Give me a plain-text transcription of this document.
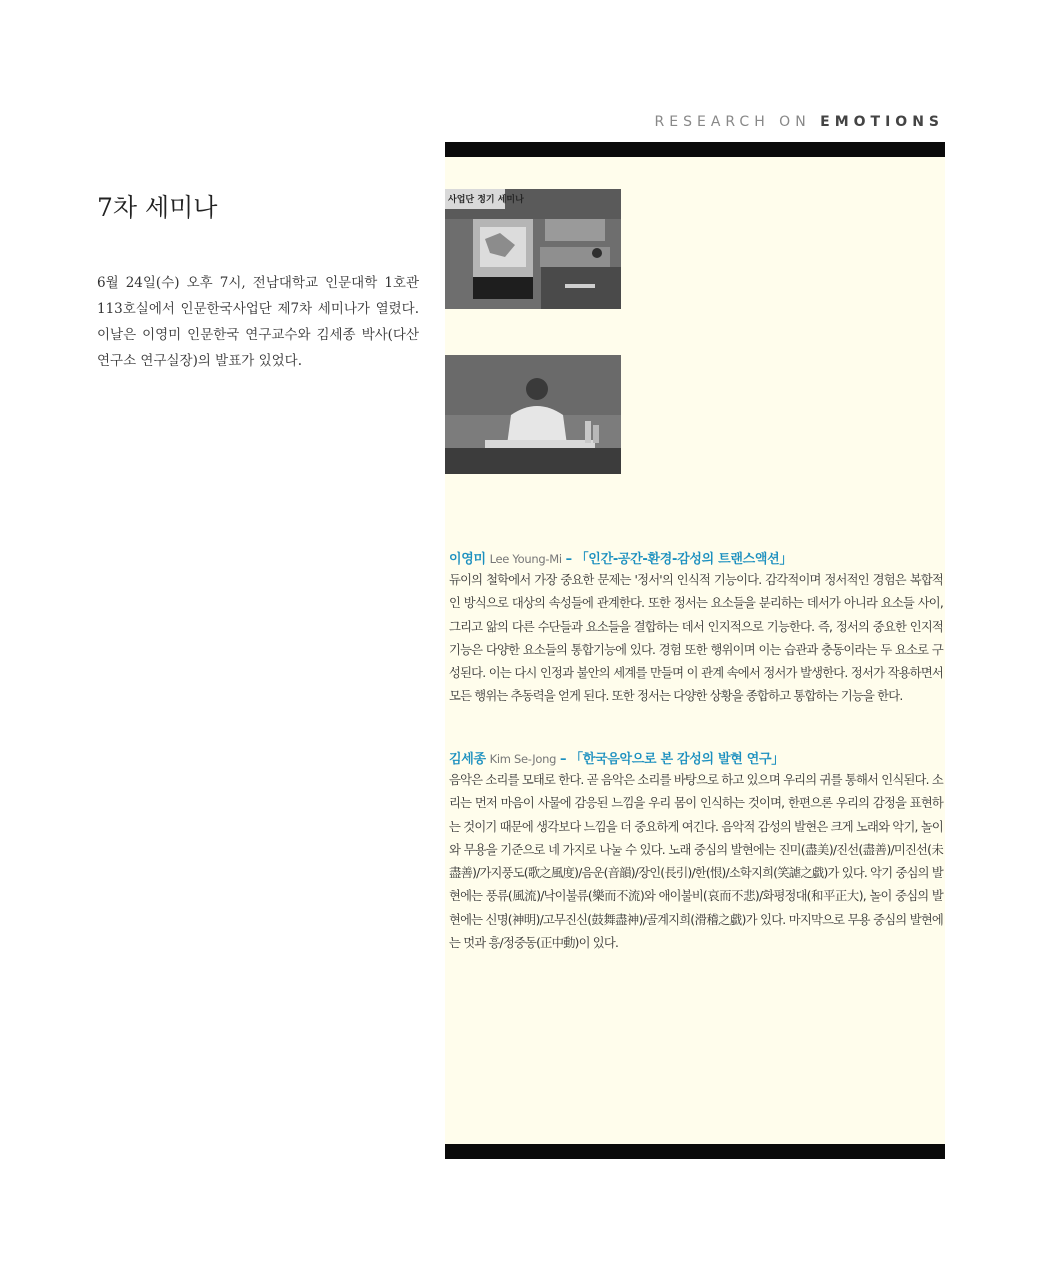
RESEARCH ON EMOTIONS
7차 세미나

6월 24일(수) 오후 7시, 전남대학교 인문대학 1호관 113호실에서 인문한국사업단 제7차 세미나가 열렸다. 이날은 이영미 인문한국 연구교수와 김세종 박사(다산연구소 연구실장)의 발표가 있었다.

사업단 정기 세미나

이영미 Lee Young-Mi – 「인간-공간-환경-감성의 트랜스액션」

듀이의 철학에서 가장 중요한 문제는 '정서'의 인식적 기능이다. 감각적이며 정서적인 경험은 복합적인 방식으로 대상의 속성들에 관계한다. 또한 정서는 요소들을 분리하는 데서가 아니라 요소들 사이, 그리고 앎의 다른 수단들과 요소들을 결합하는 데서 인지적으로 기능한다. 즉, 정서의 중요한 인지적 기능은 다양한 요소들의 통합기능에 있다. 경험 또한 행위이며 이는 습관과 충동이라는 두 요소로 구성된다. 이는 다시 인정과 불안의 세계를 만들며 이 관계 속에서 정서가 발생한다. 정서가 작용하면서 모든 행위는 추동력을 얻게 된다. 또한 정서는 다양한 상황을 종합하고 통합하는 기능을 한다.

김세종 Kim Se-Jong – 「한국음악으로 본 감성의 발현 연구」

음악은 소리를 모태로 한다. 곧 음악은 소리를 바탕으로 하고 있으며 우리의 귀를 통해서 인식된다. 소리는 먼저 마음이 사물에 감응된 느낌을 우리 몸이 인식하는 것이며, 한편으론 우리의 감정을 표현하는 것이기 때문에 생각보다 느낌을 더 중요하게 여긴다. 음악적 감성의 발현은 크게 노래와 악기, 놀이와 무용을 기준으로 네 가지로 나눌 수 있다. 노래 중심의 발현에는 진미(盡美)/진선(盡善)/미진선(未盡善)/가지풍도(歌之風度)/음운(音韻)/장인(長引)/한(恨)/소학지희(笑謔之戱)가 있다. 악기 중심의 발현에는 풍류(風流)/낙이불류(樂而不流)와 애이불비(哀而不悲)/화평정대(和平正大), 놀이 중심의 발현에는 신명(神明)/고무진신(鼓舞盡神)/골계지희(滑稽之戱)가 있다. 마지막으로 무용 중심의 발현에는 멋과 흥/정중동(正中動)이 있다.
